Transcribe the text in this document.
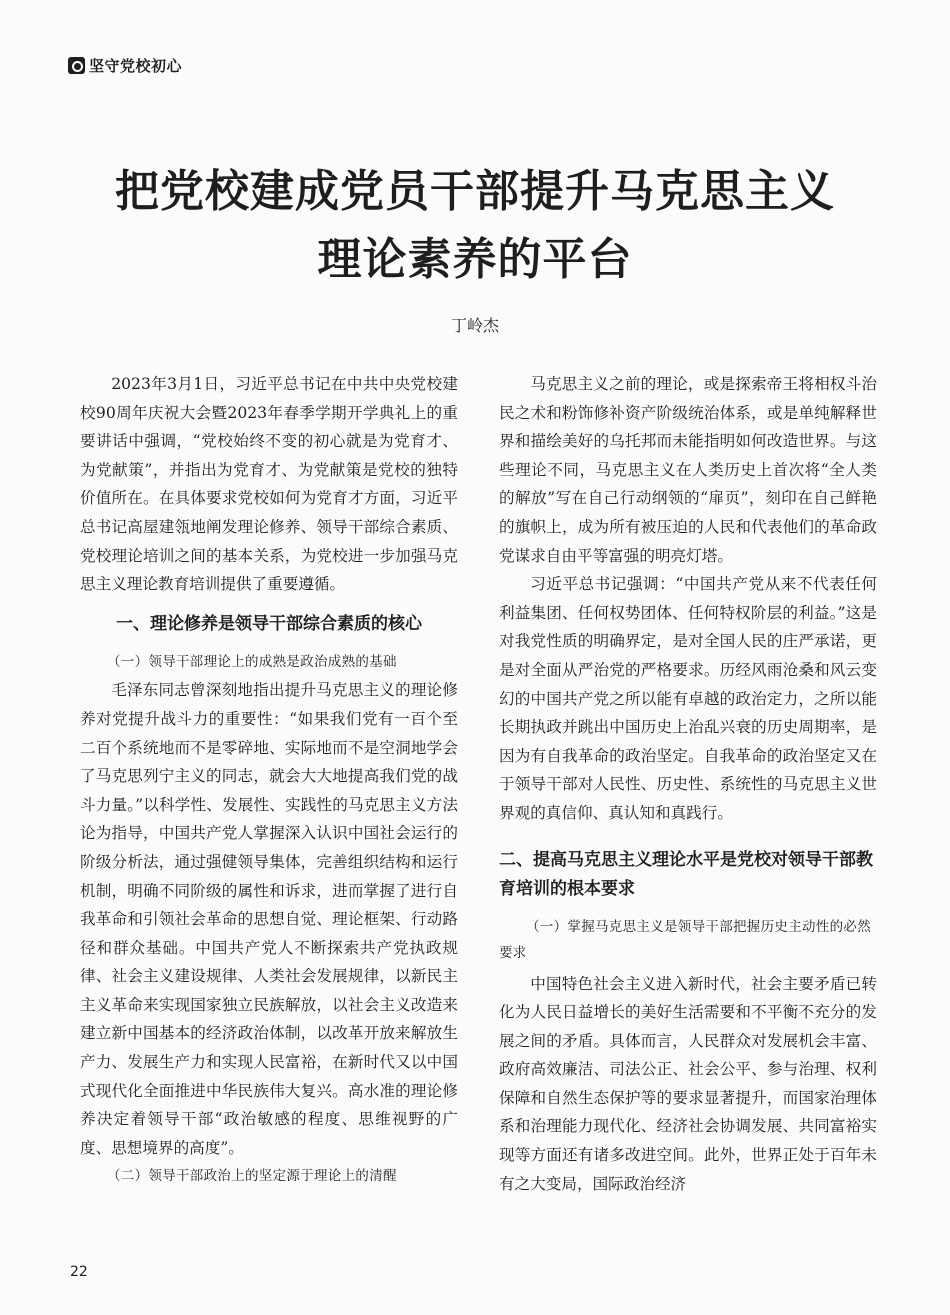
坚守党校初心
把党校建成党员干部提升马克思主义
理论素养的平台
丁岭杰

2023年3月1日，习近平总书记在中共中央党校建校90周年庆祝大会暨2023年春季学期开学典礼上的重要讲话中强调，“党校始终不变的初心就是为党育才、为党献策”，并指出为党育才、为党献策是党校的独特价值所在。在具体要求党校如何为党育才方面，习近平总书记高屋建瓴地阐发理论修养、领导干部综合素质、党校理论培训之间的基本关系，为党校进一步加强马克思主义理论教育培训提供了重要遵循。

一、理论修养是领导干部综合素质的核心

（一）领导干部理论上的成熟是政治成熟的基础

毛泽东同志曾深刻地指出提升马克思主义的理论修养对党提升战斗力的重要性：“如果我们党有一百个至二百个系统地而不是零碎地、实际地而不是空洞地学会了马克思列宁主义的同志，就会大大地提高我们党的战斗力量。”以科学性、发展性、实践性的马克思主义方法论为指导，中国共产党人掌握深入认识中国社会运行的阶级分析法，通过强健领导集体，完善组织结构和运行机制，明确不同阶级的属性和诉求，进而掌握了进行自我革命和引领社会革命的思想自觉、理论框架、行动路径和群众基础。中国共产党人不断探索共产党执政规律、社会主义建设规律、人类社会发展规律，以新民主主义革命来实现国家独立民族解放，以社会主义改造来建立新中国基本的经济政治体制，以改革开放来解放生产力、发展生产力和实现人民富裕，在新时代又以中国式现代化全面推进中华民族伟大复兴。高水准的理论修养决定着领导干部“政治敏感的程度、思维视野的广度、思想境界的高度”。

（二）领导干部政治上的坚定源于理论上的清醒

马克思主义之前的理论，或是探索帝王将相权斗治民之术和粉饰修补资产阶级统治体系，或是单纯解释世界和描绘美好的乌托邦而未能指明如何改造世界。与这些理论不同，马克思主义在人类历史上首次将“全人类的解放”写在自己行动纲领的“扉页”，刻印在自己鲜艳的旗帜上，成为所有被压迫的人民和代表他们的革命政党谋求自由平等富强的明亮灯塔。

习近平总书记强调：“中国共产党从来不代表任何利益集团、任何权势团体、任何特权阶层的利益。”这是对我党性质的明确界定，是对全国人民的庄严承诺，更是对全面从严治党的严格要求。历经风雨沧桑和风云变幻的中国共产党之所以能有卓越的政治定力，之所以能长期执政并跳出中国历史上治乱兴衰的历史周期率，是因为有自我革命的政治坚定。自我革命的政治坚定又在于领导干部对人民性、历史性、系统性的马克思主义世界观的真信仰、真认知和真践行。

二、提高马克思主义理论水平是党校对领导干部教育培训的根本要求

（一）掌握马克思主义是领导干部把握历史主动性的必然要求

中国特色社会主义进入新时代，社会主要矛盾已转化为人民日益增长的美好生活需要和不平衡不充分的发展之间的矛盾。具体而言，人民群众对发展机会丰富、政府高效廉洁、司法公正、社会公平、参与治理、权利保障和自然生态保护等的要求显著提升，而国家治理体系和治理能力现代化、经济社会协调发展、共同富裕实现等方面还有诸多改进空间。此外，世界正处于百年未有之大变局，国际政治经济

22
